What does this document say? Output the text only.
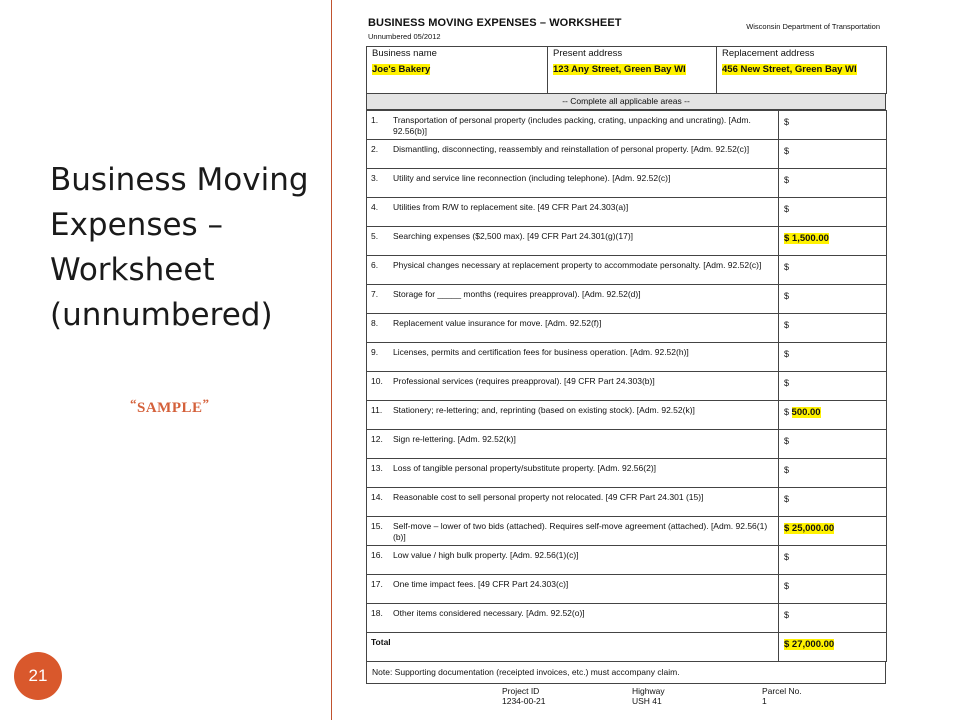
Business Moving Expenses – Worksheet (unnumbered)
“SAMPLE”
21
BUSINESS MOVING EXPENSES – WORKSHEET
Unnumbered 05/2012
Wisconsin Department of Transportation
Business name
Joe's Bakery	
Present address
123 Any Street, Green Bay WI	
Replacement address
456 New Street, Green Bay WI
-- Complete all applicable areas --
1. Transportation of personal property (includes packing, crating, unpacking and uncrating). [Adm. 92.56(b)]	$
2. Dismantling, disconnecting, reassembly and reinstallation of personal property. [Adm. 92.52(c)]	$
3. Utility and service line reconnection (including telephone). [Adm. 92.52(c)]	$
4. Utilities from R/W to replacement site. [49 CFR Part 24.303(a)]	$
5. Searching expenses ($2,500 max). [49 CFR Part 24.301(g)(17)]	$ 1,500.00
6. Physical changes necessary at replacement property to accommodate personalty. [Adm. 92.52(c)]	$
7. Storage for _____ months (requires preapproval). [Adm. 92.52(d)]	$
8. Replacement value insurance for move. [Adm. 92.52(f)]	$
9. Licenses, permits and certification fees for business operation. [Adm. 92.52(h)]	$
10. Professional services (requires preapproval). [49 CFR Part 24.303(b)]	$
11. Stationery; re-lettering; and, reprinting (based on existing stock). [Adm. 92.52(k)]	$ 500.00
12. Sign re-lettering. [Adm. 92.52(k)]	$
13. Loss of tangible personal property/substitute property. [Adm. 92.56(2)]	$
14. Reasonable cost to sell personal property not relocated. [49 CFR Part 24.301 (15)]	$
15. Self-move – lower of two bids (attached). Requires self-move agreement (attached). [Adm. 92.56(1)(b)]	$ 25,000.00
16. Low value / high bulk property. [Adm. 92.56(1)(c)]	$
17. One time impact fees. [49 CFR Part 24.303(c)]	$
18. Other items considered necessary. [Adm. 92.52(o)]	$
Total	$ 27,000.00
Note: Supporting documentation (receipted invoices, etc.) must accompany claim.
Project ID
1234-00-21
Highway
USH 41
Parcel No.
1
